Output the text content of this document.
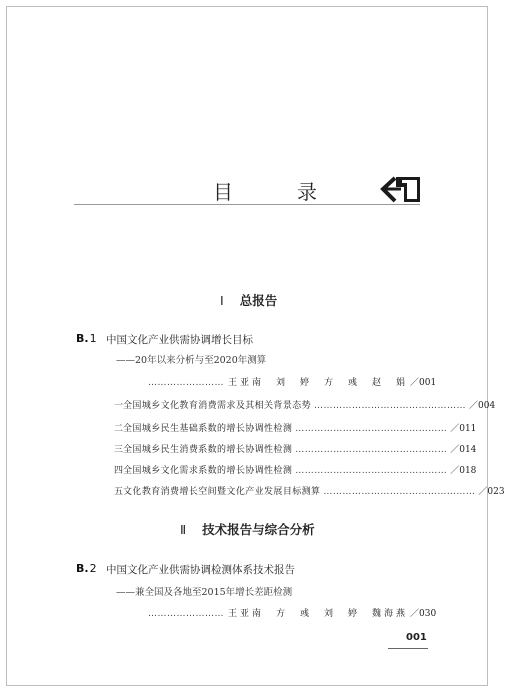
目　录
Ⅰ 总报告
B.1 中国文化产业供需协调增长目标
——20年以来分析与至2020年测算
…………………… 王亚南　刘　婷　方　彧　赵　娟 ／001
一 全国城乡文化教育消费需求及其相关背景态势 ………………………………………… ／004
二 全国城乡民生基础系数的增长协调性检测 ………………………………………… ／011
三 全国城乡民生消费系数的增长协调性检测 ………………………………………… ／014
四 全国城乡文化需求系数的增长协调性检测 ………………………………………… ／018
五 文化教育消费增长空间暨文化产业发展目标测算 ………………………………………… ／023
Ⅱ 技术报告与综合分析
B.2 中国文化产业供需协调检测体系技术报告
——兼全国及各地至2015年增长差距检测
…………………… 王亚南　方　彧　刘　婷　魏海燕 ／030
001
